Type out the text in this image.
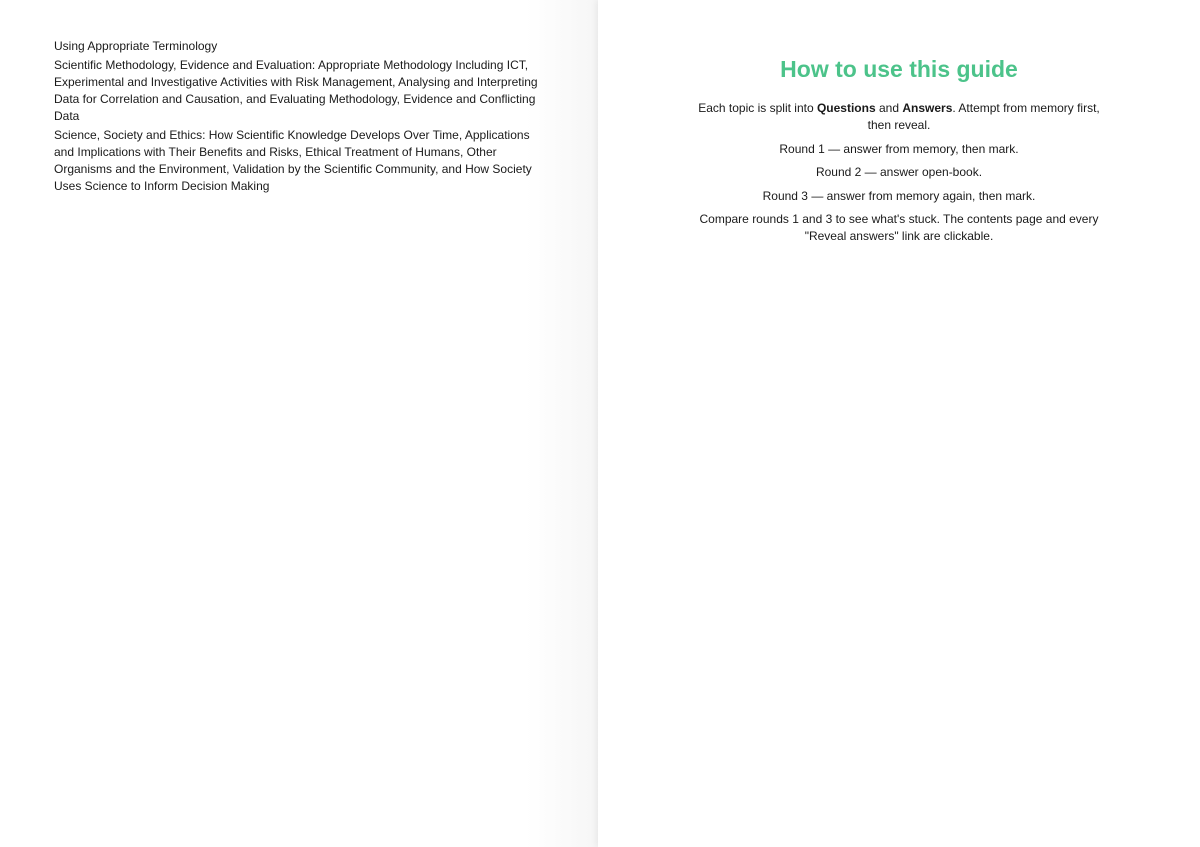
Using Appropriate Terminology
Scientific Methodology, Evidence and Evaluation: Appropriate Methodology Including ICT, Experimental and Investigative Activities with Risk Management, Analysing and Interpreting Data for Correlation and Causation, and Evaluating Methodology, Evidence and Conflicting Data
Science, Society and Ethics: How Scientific Knowledge Develops Over Time, Applications and Implications with Their Benefits and Risks, Ethical Treatment of Humans, Other Organisms and the Environment, Validation by the Scientific Community, and How Society Uses Science to Inform Decision Making
How to use this guide

Each topic is split into Questions and Answers. Attempt from memory first, then reveal.

Round 1 — answer from memory, then mark.

Round 2 — answer open-book.

Round 3 — answer from memory again, then mark.

Compare rounds 1 and 3 to see what's stuck. The contents page and every "Reveal answers" link are clickable.
